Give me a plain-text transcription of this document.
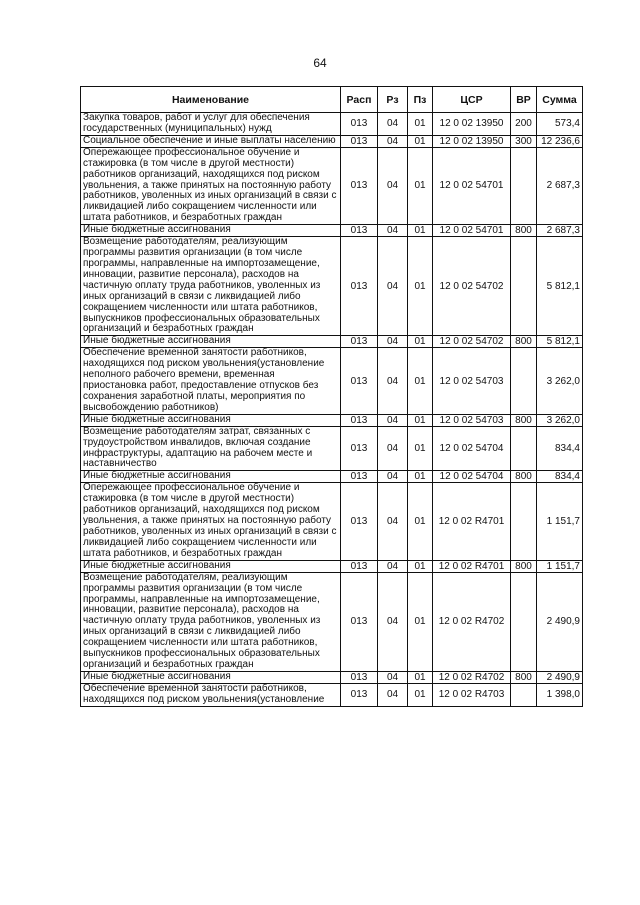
64
Наименование	Расп	Рз	Пз	ЦСР	ВР	Сумма
Закупка товаров, работ и услуг для обеспечения государственных (муниципальных) нужд	013	04	01	12 0 02 13950	200	573,4
Социальное обеспечение и иные выплаты населению	013	04	01	12 0 02 13950	300	12 236,6
Опережающее профессиональное обучение и стажировка (в том числе в другой местности) работников организаций, находящихся под риском увольнения, а также принятых на постоянную работу работников, уволенных из иных организаций в связи с ликвидацией либо сокращением численности или штата работников, и безработных граждан	013	04	01	12 0 02 54701		2 687,3
Иные бюджетные ассигнования	013	04	01	12 0 02 54701	800	2 687,3
Возмещение работодателям, реализующим программы развития организации (в том числе программы, направленные на импортозамещение, инновации, развитие персонала), расходов на частичную оплату труда работников, уволенных из иных организаций в связи с ликвидацией либо сокращением численности или штата работников, выпускников профессиональных образовательных организаций и безработных граждан	013	04	01	12 0 02 54702		5 812,1
Иные бюджетные ассигнования	013	04	01	12 0 02 54702	800	5 812,1
Обеспечение временной занятости работников, находящихся под риском увольнения(установление неполного рабочего времени, временная приостановка работ, предоставление отпусков без сохранения заработной платы, мероприятия по высвобождению работников)	013	04	01	12 0 02 54703		3 262,0
Иные бюджетные ассигнования	013	04	01	12 0 02 54703	800	3 262,0
Возмещение работодателям затрат, связанных с трудоустройством инвалидов, включая создание инфраструктуры, адаптацию на рабочем месте и наставничество	013	04	01	12 0 02 54704		834,4
Иные бюджетные ассигнования	013	04	01	12 0 02 54704	800	834,4
Опережающее профессиональное обучение и стажировка (в том числе в другой местности) работников организаций, находящихся под риском увольнения, а также принятых на постоянную работу работников, уволенных из иных организаций в связи с ликвидацией либо сокращением численности или штата работников, и безработных граждан	013	04	01	12 0 02 R4701		1 151,7
Иные бюджетные ассигнования	013	04	01	12 0 02 R4701	800	1 151,7
Возмещение работодателям, реализующим программы развития организации (в том числе программы, направленные на импортозамещение, инновации, развитие персонала), расходов на частичную оплату труда работников, уволенных из иных организаций в связи с ликвидацией либо сокращением численности или штата работников, выпускников профессиональных образовательных организаций и безработных граждан	013	04	01	12 0 02 R4702		2 490,9
Иные бюджетные ассигнования	013	04	01	12 0 02 R4702	800	2 490,9
Обеспечение временной занятости работников, находящихся под риском увольнения(установление	013	04	01	12 0 02 R4703		1 398,0
